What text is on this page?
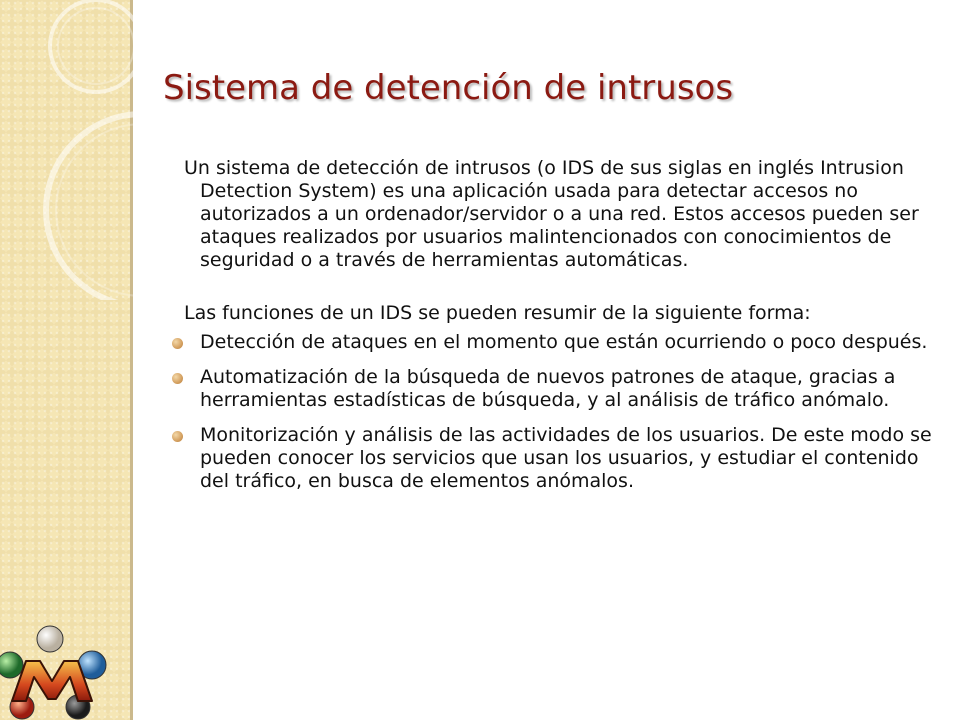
Sistema de detención de intrusos

Un sistema de detección de intrusos (o IDS de sus siglas en inglés Intrusion Detection System) es una aplicación usada para detectar accesos no autorizados a un ordenador/servidor o a una red. Estos accesos pueden ser ataques realizados por usuarios malintencionados con conocimientos de seguridad o a través de herramientas automáticas.

Las funciones de un IDS se pueden resumir de la siguiente forma:

Detección de ataques en el momento que están ocurriendo o poco después.
Automatización de la búsqueda de nuevos patrones de ataque, gracias a herramientas estadísticas de búsqueda, y al análisis de tráfico anómalo.
Monitorización y análisis de las actividades de los usuarios. De este modo se pueden conocer los servicios que usan los usuarios, y estudiar el contenido del tráfico, en busca de elementos anómalos.
